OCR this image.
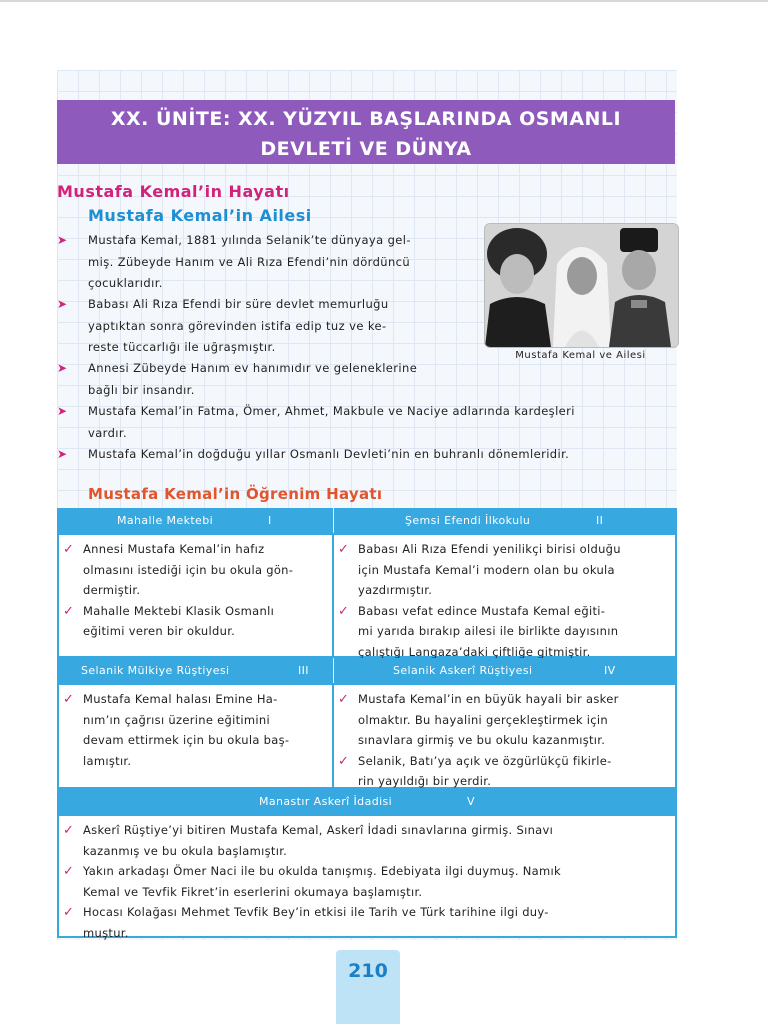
XX. ÜNİTE: XX. YÜZYIL BAŞLARINDA OSMANLI
DEVLETİ VE DÜNYA
Mustafa Kemal’in Hayatı
Mustafa Kemal’in Ailesi
Mustafa Kemal ve Ailesi
➤ Mustafa Kemal, 1881 yılında Selanik’te dünyaya gel-
miş. Zübeyde Hanım ve Ali Rıza Efendi’nin dördüncü
çocuklarıdır.
➤ Babası Ali Rıza Efendi bir süre devlet memurluğu
yaptıktan sonra görevinden istifa edip tuz ve ke-
reste tüccarlığı ile uğraşmıştır.
➤ Annesi Zübeyde Hanım ev hanımıdır ve geleneklerine
bağlı bir insandır.
➤ Mustafa Kemal’in Fatma, Ömer, Ahmet, Makbule ve Naciye adlarında kardeşleri
vardır.
➤ Mustafa Kemal’in doğduğu yıllar Osmanlı Devleti’nin en buhranlı dönemleridir.
Mustafa Kemal’in Öğrenim Hayatı
Mahalle Mektebi	I	Şemsi Efendi İlkokulu	II
✓ Annesi Mustafa Kemal’in hafız
olmasını istediği için bu okula gön-
dermiştir.
✓ Mahalle Mektebi Klasik Osmanlı
eğitimi veren bir okuldur.
✓ Babası Ali Rıza Efendi yenilikçi birisi olduğu
için Mustafa Kemal’i modern olan bu okula
yazdırmıştır.
✓ Babası vefat edince Mustafa Kemal eğiti-
mi yarıda bırakıp ailesi ile birlikte dayısının
çalıştığı Langaza’daki çiftliğe gitmiştir.
Selanik Mülkiye Rüştiyesi	III	Selanik Askerî Rüştiyesi	IV
✓ Mustafa Kemal halası Emine Ha-
nım’ın çağrısı üzerine eğitimini
devam ettirmek için bu okula baş-
lamıştır.
✓ Mustafa Kemal’in en büyük hayali bir asker
olmaktır. Bu hayalini gerçekleştirmek için
sınavlara girmiş ve bu okulu kazanmıştır.
✓ Selanik, Batı’ya açık ve özgürlükçü fikirle-
rin yayıldığı bir yerdir.
Manastır Askerî İdadisi	V
✓ Askerî Rüştiye’yi bitiren Mustafa Kemal, Askerî İdadi sınavlarına girmiş. Sınavı
kazanmış ve bu okula başlamıştır.
✓ Yakın arkadaşı Ömer Naci ile bu okulda tanışmış. Edebiyata ilgi duymuş. Namık
Kemal ve Tevfik Fikret’in eserlerini okumaya başlamıştır.
✓ Hocası Kolağası Mehmet Tevfik Bey’in etkisi ile Tarih ve Türk tarihine ilgi duy-
muştur.
210
